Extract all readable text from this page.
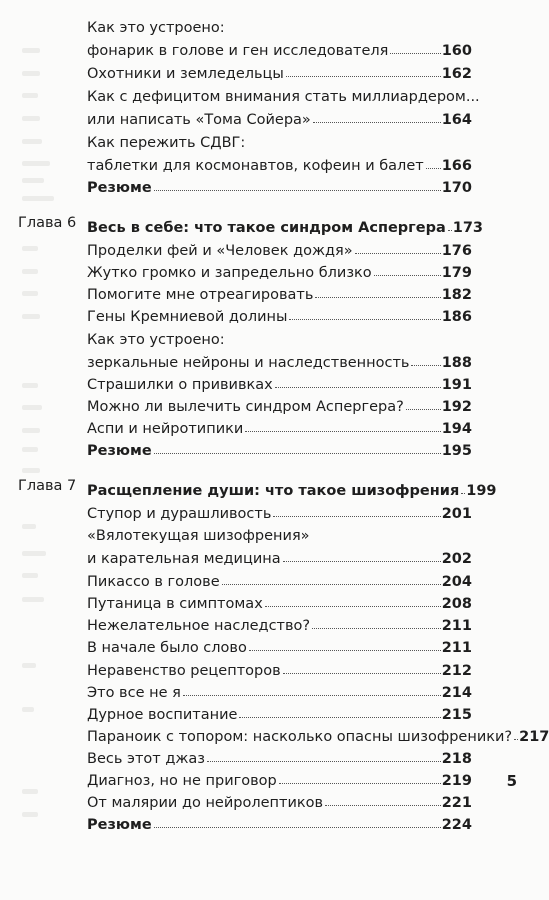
Как это устроено:
фонарик в голове и ген исследователя	160
Охотники и земледельцы	162
Как с дефицитом внимания стать миллиардером...
или написать «Тома Сойера»	164
Как пережить СДВГ:
таблетки для космонавтов, кофеин и балет 166
Резюме	170
Глава 6 Весь в себе: что такое синдром Аспергера 173
Проделки фей и «Человек дождя»	176
Жутко громко и запредельно близко	179
Помогите мне отреагировать	182
Гены Кремниевой долины	186
Как это устроено:
зеркальные нейроны и наследственность 188
Страшилки о прививках	191
Можно ли вылечить синдром Аспергера?	192
Аспи и нейротипики	194
Резюме	195
Глава 7 Расщепление души: что такое шизофрения 199
Ступор и дурашливость	201
«Вялотекущая шизофрения»
и карательная медицина	202
Пикассо в голове	204
Путаница в симптомах	208
Нежелательное наследство?	211
В начале было слово	211
Неравенство рецепторов	212
Это все не я	214
Дурное воспитание	215
Параноик с топором: насколько опасны шизофреники? 217
Весь этот джаз	218
Диагноз, но не приговор	219
От малярии до нейролептиков	221
Резюме	224
5
